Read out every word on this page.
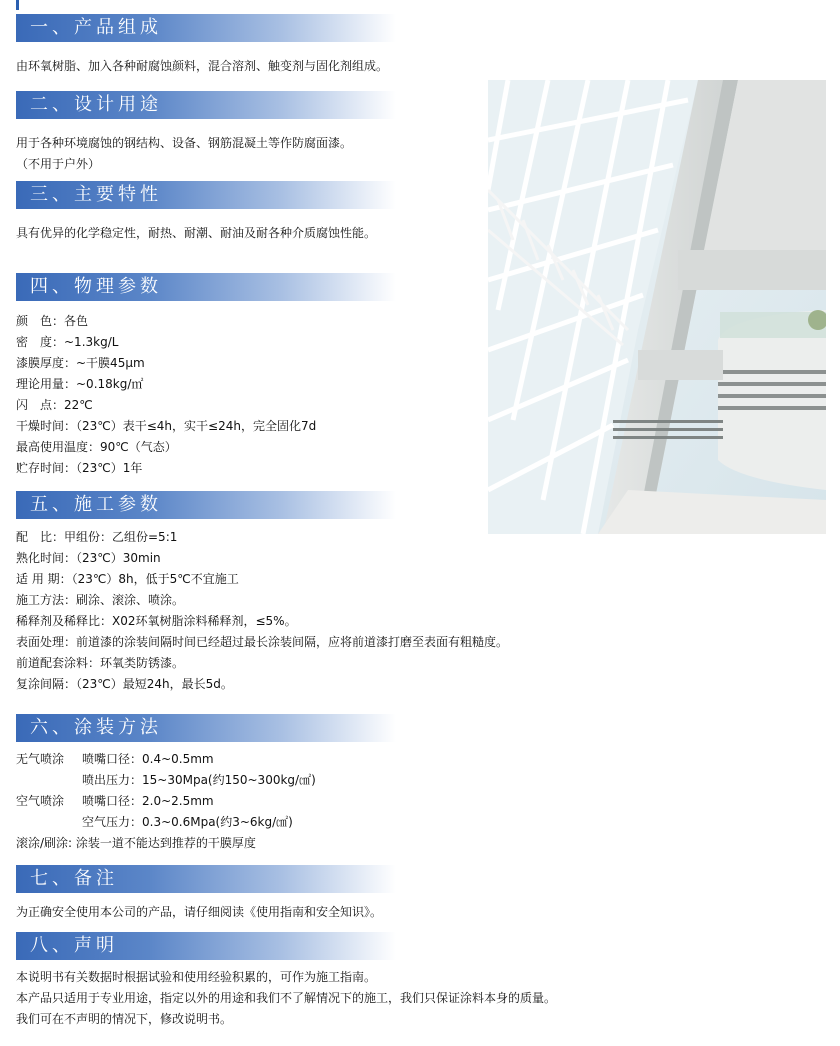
一、产品组成
由环氧树脂、加入各种耐腐蚀颜料，混合溶剂、触变剂与固化剂组成。
二、设计用途
用于各种环境腐蚀的钢结构、设备、钢筋混凝土等作防腐面漆。
（不用于户外）
三、主要特性
具有优异的化学稳定性，耐热、耐潮、耐油及耐各种介质腐蚀性能。
四、物理参数
颜　色：各色
密　度：~1.3kg/L
漆膜厚度：~干膜45μm
理论用量：~0.18kg/㎡
闪　点：22℃
干燥时间：（23℃）表干≤4h，实干≤24h，完全固化7d
最高使用温度：90℃（气态）
贮存时间：（23℃）1年
五、施工参数
配　比：甲组份：乙组份=5:1
熟化时间：（23℃）30min
适 用 期：（23℃）8h，低于5℃不宜施工
施工方法：刷涂、滚涂、喷涂。
稀释剂及稀释比：X02环氧树脂涂料稀释剂，≤5%。
表面处理：前道漆的涂装间隔时间已经超过最长涂装间隔，应将前道漆打磨至表面有粗糙度。
前道配套涂料：环氧类防锈漆。
复涂间隔：（23℃）最短24h，最长5d。
六、涂装方法
无气喷涂 喷嘴口径：0.4~0.5mm
喷出压力：15~30Mpa(约150~300kg/㎠)
空气喷涂 喷嘴口径：2.0~2.5mm
空气压力：0.3~0.6Mpa(约3~6kg/㎠)
滚涂/刷涂: 涂装一道不能达到推荐的干膜厚度
七、备注
为正确安全使用本公司的产品，请仔细阅读《使用指南和安全知识》。
八、声明
本说明书有关数据时根据试验和使用经验积累的，可作为施工指南。
本产品只适用于专业用途，指定以外的用途和我们不了解情况下的施工，我们只保证涂料本身的质量。
我们可在不声明的情况下，修改说明书。
